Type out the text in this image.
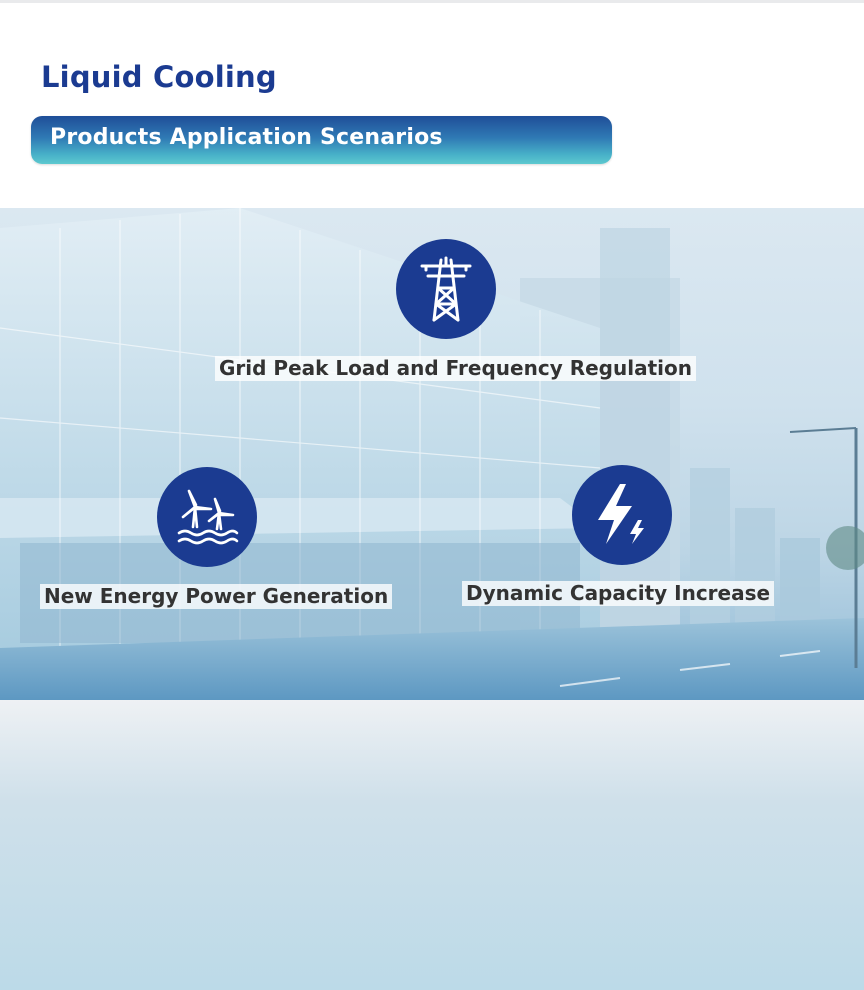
Liquid Cooling
Products Application Scenarios
Grid Peak Load and Frequency Regulation
New Energy Power Generation	Dynamic Capacity Increase
